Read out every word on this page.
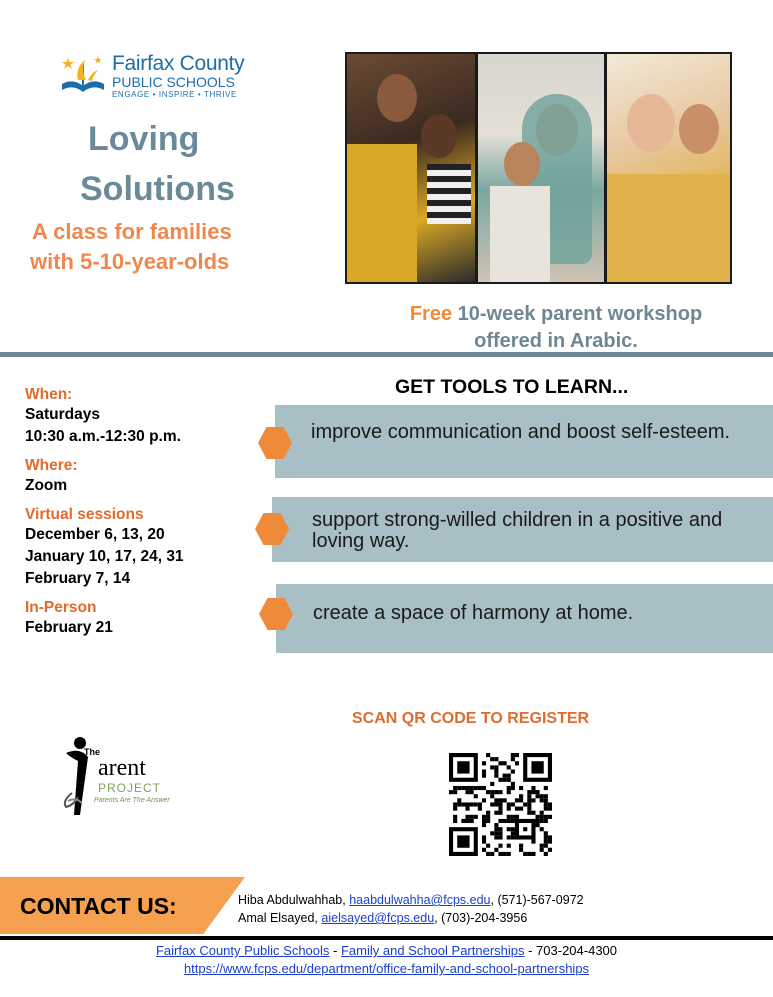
Fairfax County
PUBLIC SCHOOLS
ENGAGE • INSPIRE • THRIVE
Loving
Solutions
A class for families
with 5-10-year-olds
Free 10-week parent workshop
offered in Arabic.
When:
Saturdays
10:30 a.m.-12:30 p.m.
Where:
Zoom
Virtual sessions
December 6, 13, 20
January 10, 17, 24, 31
February 7, 14
In-Person
February 21
GET TOOLS TO LEARN...
improve communication and boost self-esteem.
support strong-willed children in a positive and loving way.
create a space of harmony at home.
SCAN QR CODE TO REGISTER
The
arent
PROJECT
Parents Are The Answer
CONTACT US:	Hiba Abdulwahhab, haabdulwahha@fcps.edu, (571)-567-0972
Amal Elsayed, aielsayed@fcps.edu, (703)-204-3956
Fairfax County Public Schools - Family and School Partnerships - 703-204-4300
https://www.fcps.edu/department/office-family-and-school-partnerships
